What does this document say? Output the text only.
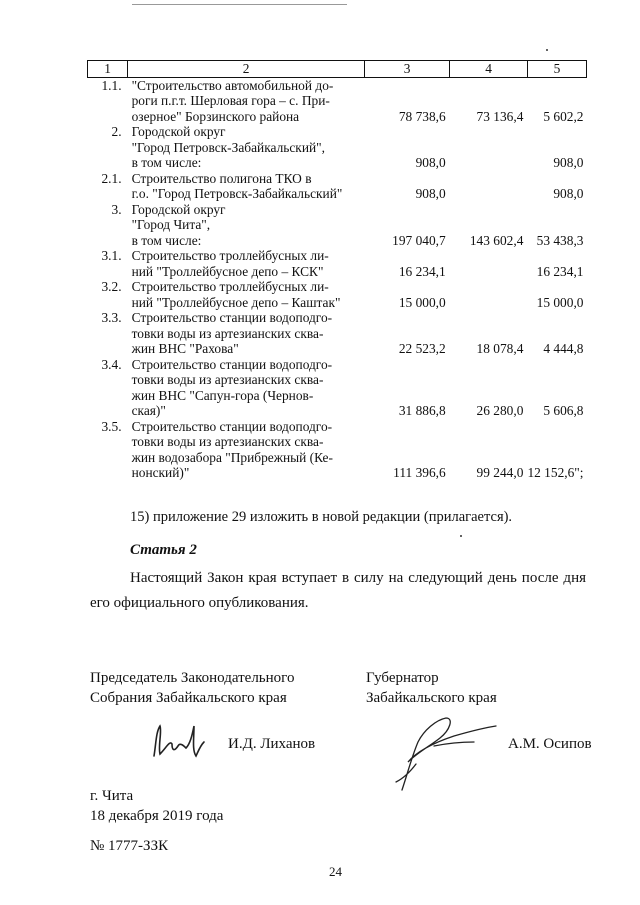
1	2	3	4	5
1.1.	"Строительство автомобильной до-
роги п.г.т. Шерловая гора – с. При-
озерное" Борзинского района	78 738,6	73 136,4	5 602,2
2.	Городской округ
"Город Петровск-Забайкальский",
в том числе:	908,0		908,0
2.1.	Строительство полигона ТКО в
г.о. "Город Петровск-Забайкальский"	908,0		908,0
3.	Городской округ
"Город Чита",
в том числе:	197 040,7	143 602,4	53 438,3
3.1.	Строительство троллейбусных ли-
ний "Троллейбусное депо – КСК"	16 234,1		16 234,1
3.2.	Строительство троллейбусных ли-
ний "Троллейбусное депо – Каштак"	15 000,0		15 000,0
3.3.	Строительство станции водоподго-
товки воды из артезианских сква-
жин ВНС "Рахова"	22 523,2	18 078,4	4 444,8
3.4.	Строительство станции водоподго-
товки воды из артезианских сква-
жин ВНС "Сапун-гора (Чернов-
ская)"	31 886,8	26 280,0	5 606,8
3.5.	Строительство станции водоподго-
товки воды из артезианских сква-
жин водозабора "Прибрежный (Ке-
нонский)"	111 396,6	99 244,0	12 152,6";
15) приложение 29 изложить в новой редакции (прилагается).
Статья 2
Настоящий Закон края вступает в силу на следующий день после дня его официального опубликования.
Председатель Законодательного
Собрания Забайкальского края
Губернатор
Забайкальского края
И.Д. Лиханов	А.М. Осипов
г. Чита
18 декабря 2019 года
№ 1777-ЗЗК
24
